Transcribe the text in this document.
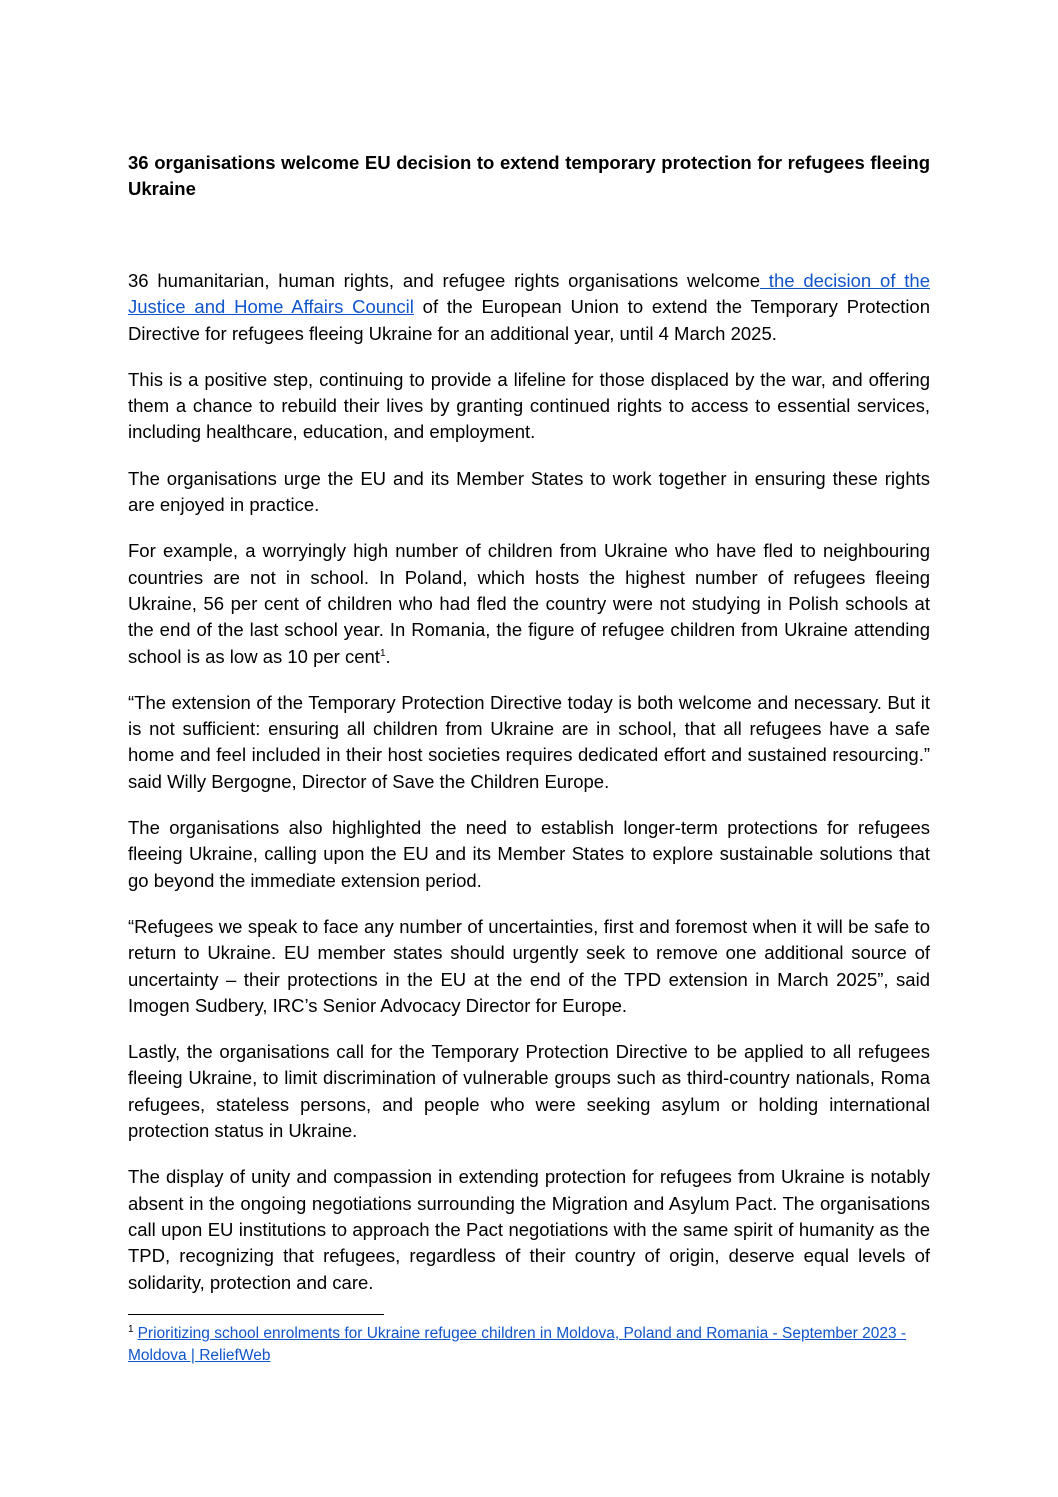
36 organisations welcome EU decision to extend temporary protection for refugees fleeing Ukraine

36 humanitarian, human rights, and refugee rights organisations welcome the decision of the Justice and Home Affairs Council of the European Union to extend the Temporary Protection Directive for refugees fleeing Ukraine for an additional year, until 4 March 2025.

This is a positive step, continuing to provide a lifeline for those displaced by the war, and offering them a chance to rebuild their lives by granting continued rights to access to essential services, including healthcare, education, and employment.

The organisations urge the EU and its Member States to work together in ensuring these rights are enjoyed in practice.

For example, a worryingly high number of children from Ukraine who have fled to neighbouring countries are not in school. In Poland, which hosts the highest number of refugees fleeing Ukraine, 56 per cent of children who had fled the country were not studying in Polish schools at the end of the last school year. In Romania, the figure of refugee children from Ukraine attending school is as low as 10 per cent$^1$.

“The extension of the Temporary Protection Directive today is both welcome and necessary. But it is not sufficient: ensuring all children from Ukraine are in school, that all refugees have a safe home and feel included in their host societies requires dedicated effort and sustained resourcing.” said Willy Bergogne, Director of Save the Children Europe.

The organisations also highlighted the need to establish longer-term protections for refugees fleeing Ukraine, calling upon the EU and its Member States to explore sustainable solutions that go beyond the immediate extension period.

“Refugees we speak to face any number of uncertainties, first and foremost when it will be safe to return to Ukraine. EU member states should urgently seek to remove one additional source of uncertainty – their protections in the EU at the end of the TPD extension in March 2025”, said Imogen Sudbery, IRC’s Senior Advocacy Director for Europe.

Lastly, the organisations call for the Temporary Protection Directive to be applied to all refugees fleeing Ukraine, to limit discrimination of vulnerable groups such as third-country nationals, Roma refugees, stateless persons, and people who were seeking asylum or holding international protection status in Ukraine.

The display of unity and compassion in extending protection for refugees from Ukraine is notably absent in the ongoing negotiations surrounding the Migration and Asylum Pact. The organisations call upon EU institutions to approach the Pact negotiations with the same spirit of humanity as the TPD, recognizing that refugees, regardless of their country of origin, deserve equal levels of solidarity, protection and care.

$^1$ Prioritizing school enrolments for Ukraine refugee children in Moldova, Poland and Romania - September 2023 - Moldova | ReliefWeb
